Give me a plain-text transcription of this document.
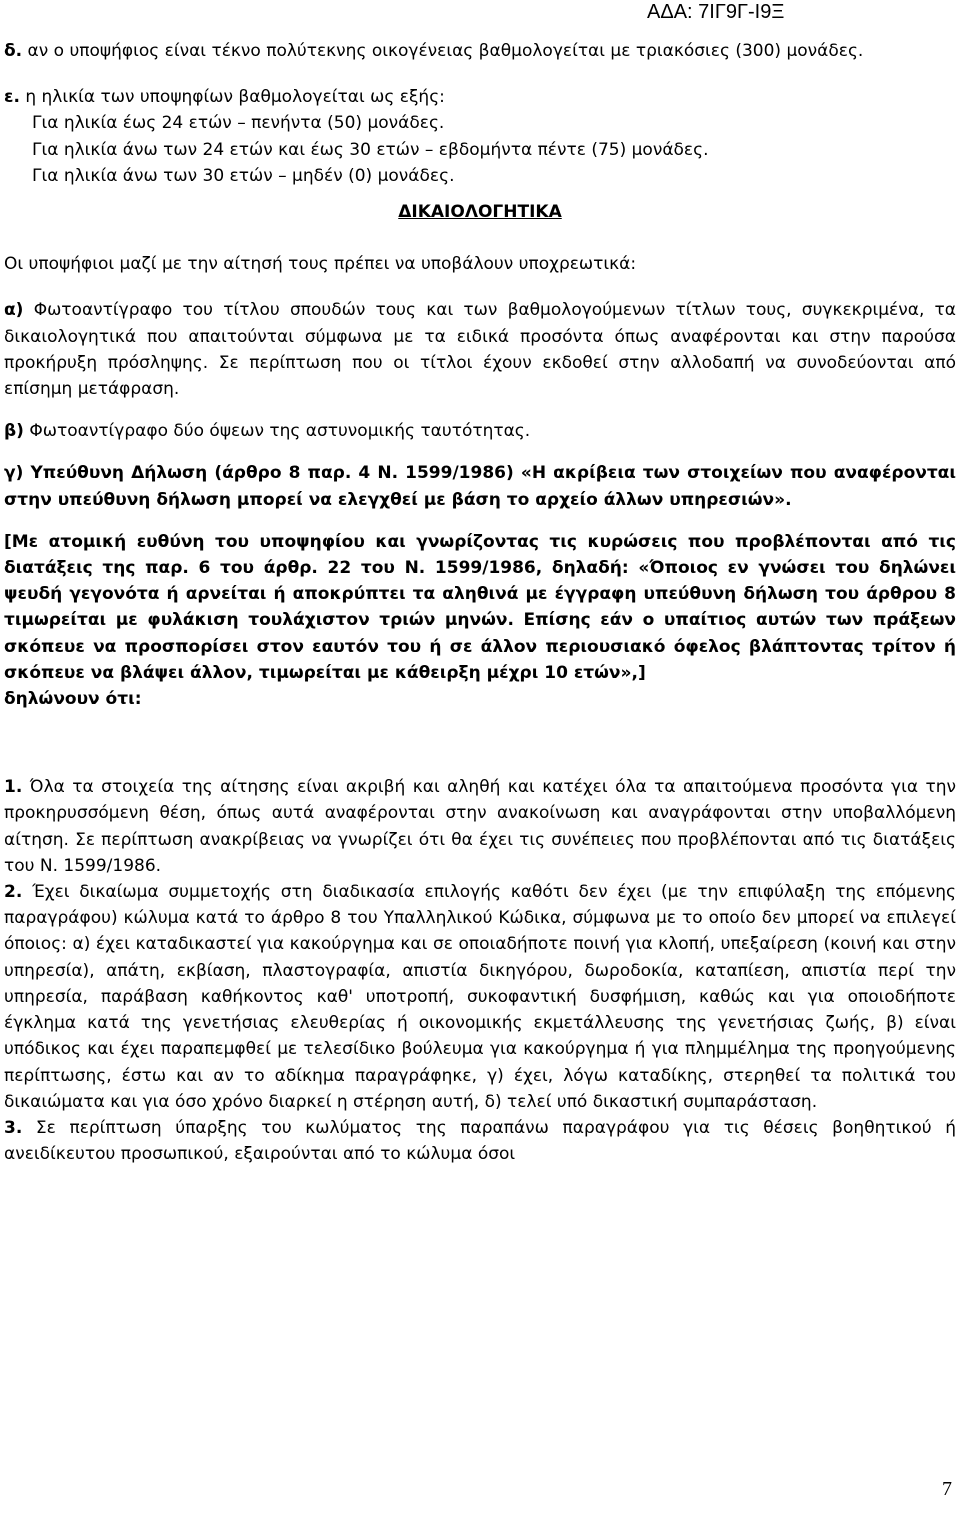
ΑΔΑ: 7ΙΓ9Γ-Ι9Ξ

δ. αν ο υποψήφιος είναι τέκνο πολύτεκνης οικογένειας βαθμολογείται με τριακόσιες (300) μονάδες.

ε. η ηλικία των υποψηφίων βαθμολογείται ως εξής:

Για ηλικία έως 24 ετών – πενήντα (50) μονάδες.

Για ηλικία άνω των 24 ετών και έως 30 ετών – εβδομήντα πέντε (75) μονάδες.

Για ηλικία άνω των 30 ετών – μηδέν (0) μονάδες.

ΔΙΚΑΙΟΛΟΓΗΤΙΚΑ

Οι υποψήφιοι μαζί με την αίτησή τους πρέπει να υποβάλουν υποχρεωτικά:

α) Φωτοαντίγραφο του τίτλου σπουδών τους και των βαθμολογούμενων τίτλων τους, συγκεκριμένα, τα δικαιολογητικά που απαιτούνται σύμφωνα με τα ειδικά προσόντα όπως αναφέρονται και στην παρούσα προκήρυξη πρόσληψης. Σε περίπτωση που οι τίτλοι έχουν εκδοθεί στην αλλοδαπή να συνοδεύονται από επίσημη μετάφραση.

β) Φωτοαντίγραφο δύο όψεων της αστυνομικής ταυτότητας.

γ) Υπεύθυνη Δήλωση (άρθρο 8 παρ. 4 Ν. 1599/1986) «Η ακρίβεια των στοιχείων που αναφέρονται στην υπεύθυνη δήλωση μπορεί να ελεγχθεί με βάση το αρχείο άλλων υπηρεσιών».

[Με ατομική ευθύνη του υποψηφίου και γνωρίζοντας τις κυρώσεις που προβλέπονται από τις διατάξεις της παρ. 6 του άρθρ. 22 του Ν. 1599/1986, δηλαδή: «Όποιος εν γνώσει του δηλώνει ψευδή γεγονότα ή αρνείται ή αποκρύπτει τα αληθινά με έγγραφη υπεύθυνη δήλωση του άρθρου 8 τιμωρείται με φυλάκιση τουλάχιστον τριών μηνών. Επίσης εάν ο υπαίτιος αυτών των πράξεων σκόπευε να προσπορίσει στον εαυτόν του ή σε άλλον περιουσιακό όφελος βλάπτοντας τρίτον ή σκόπευε να βλάψει άλλον, τιμωρείται με κάθειρξη μέχρι 10 ετών»,]

δηλώνουν ότι:

1. Όλα τα στοιχεία της αίτησης είναι ακριβή και αληθή και κατέχει όλα τα απαιτούμενα προσόντα για την προκηρυσσόμενη θέση, όπως αυτά αναφέρονται στην ανακοίνωση και αναγράφονται στην υποβαλλόμενη αίτηση. Σε περίπτωση ανακρίβειας να γνωρίζει ότι θα έχει τις συνέπειες που προβλέπονται από τις διατάξεις του Ν. 1599/1986.

2. Έχει δικαίωμα συμμετοχής στη διαδικασία επιλογής καθότι δεν έχει (με την επιφύλαξη της επόμενης παραγράφου) κώλυμα κατά το άρθρο 8 του Υπαλληλικού Κώδικα, σύμφωνα με το οποίο δεν μπορεί να επιλεγεί όποιος: α) έχει καταδικαστεί για κακούργημα και σε οποιαδήποτε ποινή για κλοπή, υπεξαίρεση (κοινή και στην υπηρεσία), απάτη, εκβίαση, πλαστογραφία, απιστία δικηγόρου, δωροδοκία, καταπίεση, απιστία περί την υπηρεσία, παράβαση καθήκοντος καθ' υποτροπή, συκοφαντική δυσφήμιση, καθώς και για οποιοδήποτε έγκλημα κατά της γενετήσιας ελευθερίας ή οικονομικής εκμετάλλευσης της γενετήσιας ζωής, β) είναι υπόδικος και έχει παραπεμφθεί με τελεσίδικο βούλευμα για κακούργημα ή για πλημμέλημα της προηγούμενης περίπτωσης, έστω και αν το αδίκημα παραγράφηκε, γ) έχει, λόγω καταδίκης, στερηθεί τα πολιτικά του δικαιώματα και για όσο χρόνο διαρκεί η στέρηση αυτή, δ) τελεί υπό δικαστική συμπαράσταση.

3. Σε περίπτωση ύπαρξης του κωλύματος της παραπάνω παραγράφου για τις θέσεις βοηθητικού ή ανειδίκευτου προσωπικού, εξαιρούνται από το κώλυμα όσοι

7
